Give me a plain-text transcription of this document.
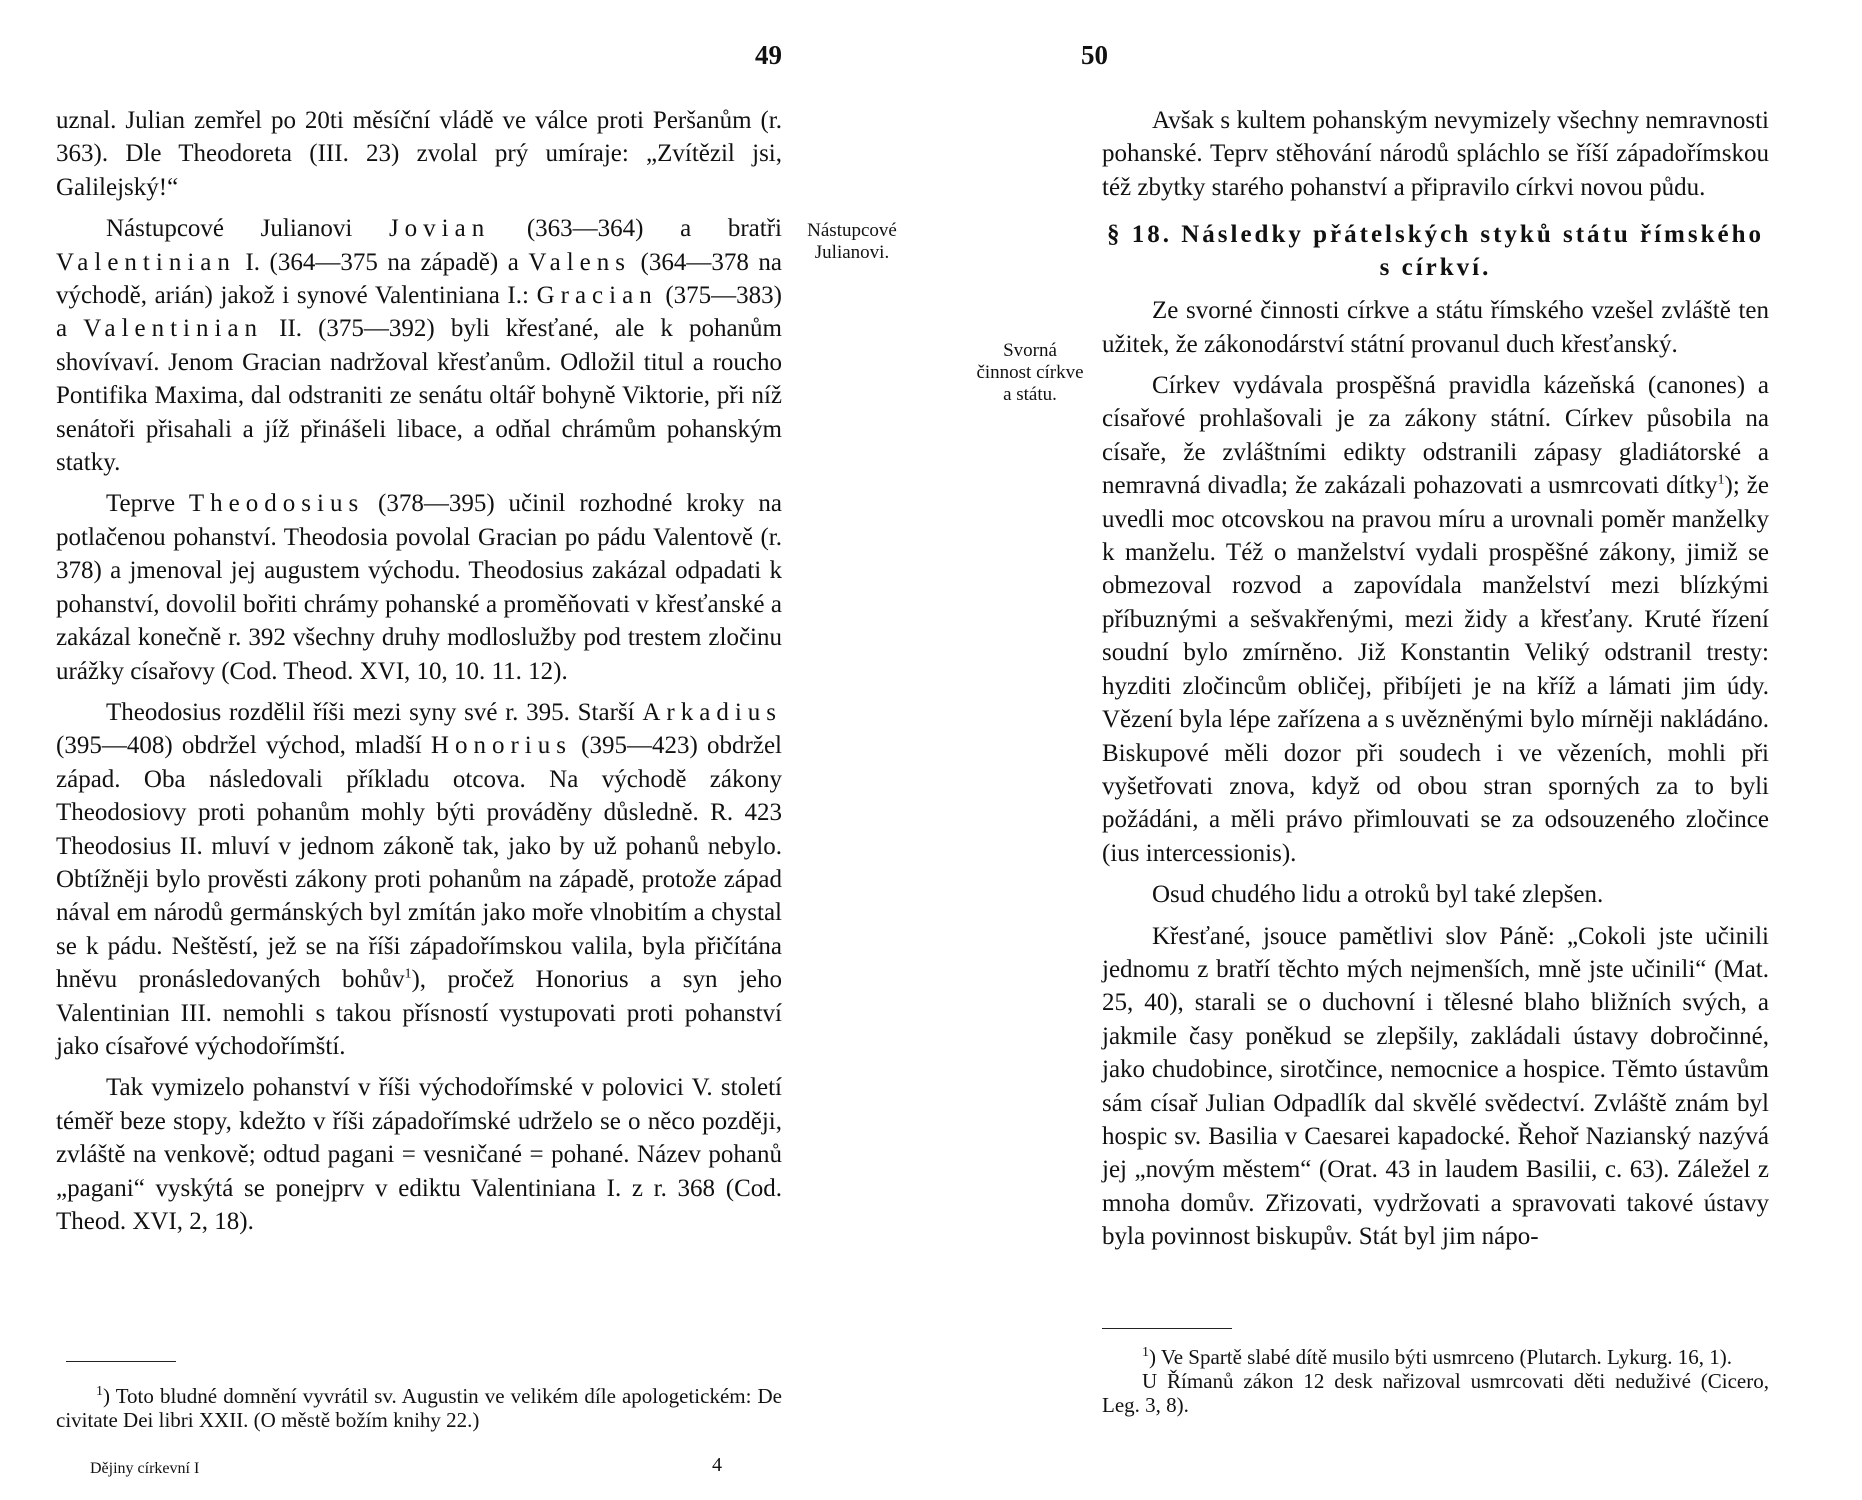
49

uznal. Julian zemřel po 20ti měsíční vládě ve válce proti Peršanům (r. 363). Dle Theodoreta (III. 23) zvolal prý umíraje: „Zvítězil jsi, Galilejský!“

Nástupcové Julianovi Jovian (363—364) a bratři Valentinian I. (364—375 na západě) a Valens (364—378 na východě, arián) jakož i synové Valentiniana I.: Gracian (375—383) a Valentinian II. (375—392) byli křesťané, ale k pohanům shovívaví. Jenom Gracian nadržoval křesťanům. Odložil titul a roucho Pontifika Maxima, dal odstraniti ze senátu oltář bohyně Viktorie, při níž senátoři přisahali a jíž přinášeli libace, a odňal chrámům pohanským statky.

Teprve Theodosius (378—395) učinil rozhodné kroky na potlačenou pohanství. Theodosia povolal Gracian po pádu Valentově (r. 378) a jmenoval jej augustem východu. Theodosius zakázal odpadati k pohanství, dovolil bořiti chrámy pohanské a proměňovati v křesťanské a zakázal konečně r. 392 všechny druhy modloslužby pod trestem zločinu urážky císařovy (Cod. Theod. XVI, 10, 10. 11. 12).

Theodosius rozdělil říši mezi syny své r. 395. Starší Arkadius (395—408) obdržel východ, mladší Honorius (395—423) obdržel západ. Oba následovali příkladu otcova. Na východě zákony Theodosiovy proti pohanům mohly býti prováděny důsledně. R. 423 Theodosius II. mluví v jednom zákoně tak, jako by už pohanů nebylo. Obtížněji bylo prověsti zákony proti pohanům na západě, protože západ nával em národů germánských byl zmítán jako moře vlnobitím a chystal se k pádu. Neštěstí, jež se na říši západořímskou valila, byla přičítána hněvu pronásledovaných bohův$^1$), pročež Honorius a syn jeho Valentinian III. nemohli s takou přísností vystupovati proti pohanství jako císařové východořímští.

Tak vymizelo pohanství v říši východořímské v polovici V. století téměř beze stopy, kdežto v říši západořímské udrželo se o něco později, zvláště na venkově; odtud pagani = vesničané = pohané. Název pohanů „pagani“ vyskýtá se ponejprv v ediktu Valentiniana I. z r. 368 (Cod. Theod. XVI, 2, 18).

Nástupcové Julianovi.

$^1$) Toto bludné domnění vyvrátil sv. Augustin ve velikém díle apologetickém: De civitate Dei libri XXII. (O městě božím knihy 22.)

Dějiny církevní I	4
50

Avšak s kultem pohanským nevymizely všechny nemravnosti pohanské. Teprv stěhování národů spláchlo se říší západořímskou též zbytky starého pohanství a připravilo církvi novou půdu.

§ 18. Následky přátelských styků státu římského s církví.

Ze svorné činnosti církve a státu římského vzešel zvláště ten užitek, že zákonodárství státní provanul duch křesťanský.

Církev vydávala prospěšná pravidla kázeňská (canones) a císařové prohlašovali je za zákony státní. Církev působila na císaře, že zvláštními edikty odstranili zápasy gladiátorské a nemravná divadla; že zakázali pohazovati a usmrcovati dítky$^1$); že uvedli moc otcovskou na pravou míru a urovnali poměr manželky k manželu. Též o manželství vydali prospěšné zákony, jimiž se obmezoval rozvod a zapovídala manželství mezi blízkými příbuznými a sešvakřenými, mezi židy a křesťany. Kruté řízení soudní bylo zmírněno. Již Konstantin Veliký odstranil tresty: hyzditi zločincům obličej, přibíjeti je na kříž a lámati jim údy. Vězení byla lépe zařízena a s uvězněnými bylo mírněji nakládáno. Biskupové měli dozor při soudech i ve vězeních, mohli při vyšetřovati znova, když od obou stran sporných za to byli požádáni, a měli právo přimlouvati se za odsouzeného zločince (ius intercessionis).

Osud chudého lidu a otroků byl také zlepšen.

Křesťané, jsouce pamětlivi slov Páně: „Cokoli jste učinili jednomu z bratří těchto mých nejmenších, mně jste učinili“ (Mat. 25, 40), starali se o duchovní i tělesné blaho bližních svých, a jakmile časy poněkud se zlepšily, zakládali ústavy dobročinné, jako chudobince, sirotčince, nemocnice a hospice. Těmto ústavům sám císař Julian Odpadlík dal skvělé svědectví. Zvláště znám byl hospic sv. Basilia v Caesarei kapadocké. Řehoř Nazianský nazývá jej „novým městem“ (Orat. 43 in laudem Basilii, c. 63). Záležel z mnoha domův. Zřizovati, vydržovati a spravovati takové ústavy byla povinnost biskupův. Stát byl jim nápo-

Svorná činnost církve a státu.

$^1$) Ve Spartě slabé dítě musilo býti usmrceno (Plutarch. Lykurg. 16, 1).

U Římanů zákon 12 desk nařizoval usmrcovati děti neduživé (Cicero, Leg. 3, 8).
